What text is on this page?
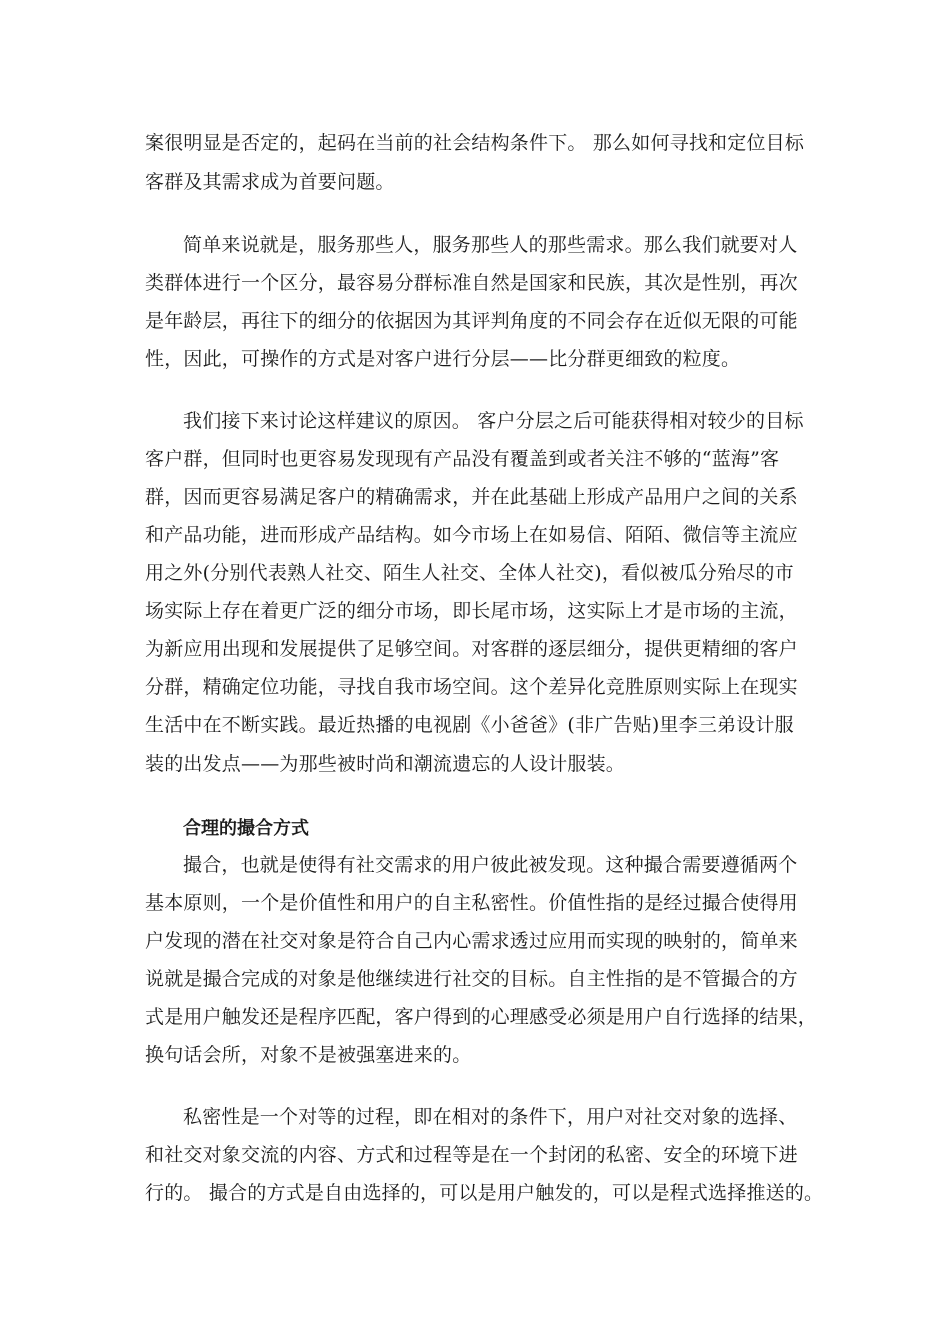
案很明显是否定的，起码在当前的社会结构条件下。 那么如何寻找和定位目标
客群及其需求成为首要问题。
简单来说就是，服务那些人，服务那些人的那些需求。那么我们就要对人
类群体进行一个区分，最容易分群标准自然是国家和民族，其次是性别，再次
是年龄层，再往下的细分的依据因为其评判角度的不同会存在近似无限的可能
性，因此，可操作的方式是对客户进行分层——比分群更细致的粒度。
我们接下来讨论这样建议的原因。 客户分层之后可能获得相对较少的目标
客户群，但同时也更容易发现现有产品没有覆盖到或者关注不够的“蓝海”客
群，因而更容易满足客户的精确需求，并在此基础上形成产品用户之间的关系
和产品功能，进而形成产品结构。如今市场上在如易信、陌陌、微信等主流应
用之外(分别代表熟人社交、陌生人社交、全体人社交)，看似被瓜分殆尽的市
场实际上存在着更广泛的细分市场，即长尾市场，这实际上才是市场的主流，
为新应用出现和发展提供了足够空间。对客群的逐层细分，提供更精细的客户
分群，精确定位功能，寻找自我市场空间。这个差异化竞胜原则实际上在现实
生活中在不断实践。最近热播的电视剧《小爸爸》(非广告贴)里李三弟设计服
装的出发点——为那些被时尚和潮流遗忘的人设计服装。
合理的撮合方式
撮合，也就是使得有社交需求的用户彼此被发现。这种撮合需要遵循两个
基本原则，一个是价值性和用户的自主私密性。价值性指的是经过撮合使得用
户发现的潜在社交对象是符合自己内心需求透过应用而实现的映射的，简单来
说就是撮合完成的对象是他继续进行社交的目标。自主性指的是不管撮合的方
式是用户触发还是程序匹配，客户得到的心理感受必须是用户自行选择的结果，
换句话会所，对象不是被强塞进来的。
私密性是一个对等的过程，即在相对的条件下，用户对社交对象的选择、
和社交对象交流的内容、方式和过程等是在一个封闭的私密、安全的环境下进
行的。 撮合的方式是自由选择的，可以是用户触发的，可以是程式选择推送的。
